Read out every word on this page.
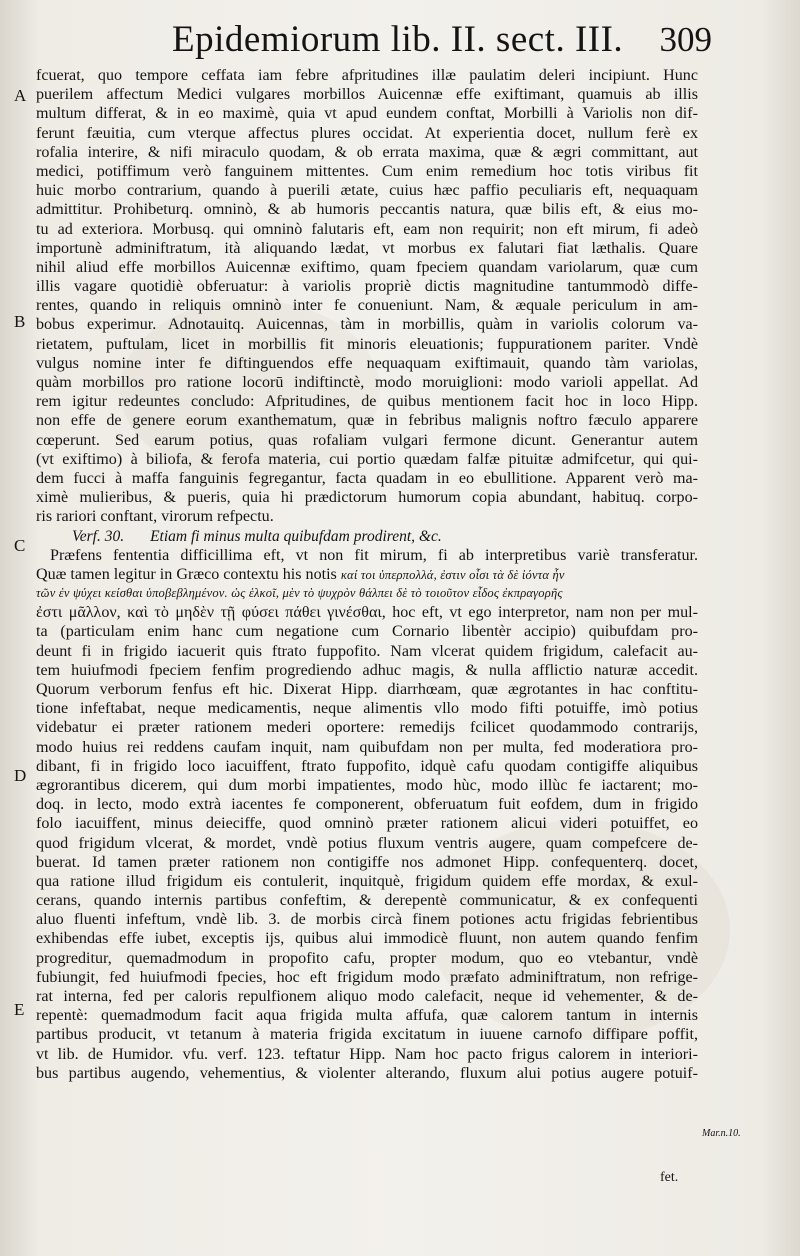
Epidemiorum lib. II. sect. III. 309
A
B
C
D
E
Mar.n.10.
fcuerat, quo tempore ceffata iam febre afpritudines illæ paulatim deleri incipiunt. Hunc
puerilem affectum Medici vulgares morbillos Auicennæ effe exiftimant, quamuis ab illis
multum differat, & in eo maximè, quia vt apud eundem conftat, Morbilli à Variolis non dif-
ferunt fæuitia, cum vterque affectus plures occidat. At experientia docet, nullum ferè ex
rofalia interire, & nifi miraculo quodam, & ob errata maxima, quæ & ægri committant, aut
medici, potiffimum verò fanguinem mittentes. Cum enim remedium hoc totis viribus fit
huic morbo contrarium, quando à puerili ætate, cuius hæc paffio peculiaris eft, nequaquam
admittitur. Prohibeturq. omninò, & ab humoris peccantis natura, quæ bilis eft, & eius mo-
tu ad exteriora. Morbusq. qui omninò falutaris eft, eam non requirit; non eft mirum, fi adeò
importunè adminiftratum, ità aliquando lædat, vt morbus ex falutari fiat læthalis. Quare
nihil aliud effe morbillos Auicennæ exiftimo, quam fpeciem quandam variolarum, quæ cum
illis vagare quotidiè obferuatur: à variolis propriè dictis magnitudine tantummodò diffe-
rentes, quando in reliquis omninò inter fe conueniunt. Nam, & æquale periculum in am-
bobus experimur. Adnotauitq. Auicennas, tàm in morbillis, quàm in variolis colorum va-
rietatem, puftulam, licet in morbillis fit minoris eleuationis; fuppurationem pariter. Vndè
vulgus nomine inter fe diftinguendos effe nequaquam exiftimauit, quando tàm variolas,
quàm morbillos pro ratione locorū indiftinctè, modo moruiglioni: modo varioli appellat. Ad
rem igitur redeuntes concludo: Afpritudines, de quibus mentionem facit hoc in loco Hipp.
non effe de genere eorum exanthematum, quæ in febribus malignis noftro fæculo apparere
cœperunt. Sed earum potius, quas rofaliam vulgari fermone dicunt. Generantur autem
(vt exiftimo) à biliofa, & ferofa materia, cui portio quædam falfæ pituitæ admifcetur, qui qui-
dem fucci à maffa fanguinis fegregantur, facta quadam in eo ebullitione. Apparent verò ma-
ximè mulieribus, & pueris, quia hi prædictorum humorum copia abundant, habituq. corpo-
ris rariori conftant, virorum refpectu.
Verf. 30. Etiam fi minus multa quibufdam prodirent, &c.
Præfens fententia difficillima eft, vt non fit mirum, fi ab interpretibus variè transferatur.
Quæ tamen legitur in Græco contextu his notis καί τοι ὑπερπολλά, ἐστιν οἶσι τὰ δὲ ἰόντα ἦν
τῶν ἐν ψύχει κείσθαι ὑποβεβλημένον. ὡς ἑλκοῖ, μὲν τὸ ψυχρὸν θάλπει δὲ τὸ τοιοῦτον εἶδος ἐκπραγορῆς
ἐστι μᾶλλον, καὶ τὸ μηδὲν τῇ φύσει πάθει γινέσθαι, hoc eft, vt ego interpretor, nam non per mul-
ta (particulam enim hanc cum negatione cum Cornario libentèr accipio) quibufdam pro-
deunt fi in frigido iacuerit quis ftrato fuppofito. Nam vlcerat quidem frigidum, calefacit au-
tem huiufmodi fpeciem fenfim progrediendo adhuc magis, & nulla afflictio naturæ accedit.
Quorum verborum fenfus eft hic. Dixerat Hipp. diarrhœam, quæ ægrotantes in hac conftitu-
tione infeftabat, neque medicamentis, neque alimentis vllo modo fifti potuiffe, imò potius
videbatur ei præter rationem mederi oportere: remedijs fcilicet quodammodo contrarijs,
modo huius rei reddens caufam inquit, nam quibufdam non per multa, fed moderatiora pro-
dibant, fi in frigido loco iacuiffent, ftrato fuppofito, idquè cafu quodam contigiffe aliquibus
ægrorantibus dicerem, qui dum morbi impatientes, modo hùc, modo illùc fe iactarent; mo-
doq. in lecto, modo extrà iacentes fe componerent, obferuatum fuit eofdem, dum in frigido
folo iacuiffent, minus deieciffe, quod omninò præter rationem alicui videri potuiffet, eo
quod frigidum vlcerat, & mordet, vndè potius fluxum ventris augere, quam compefcere de-
buerat. Id tamen præter rationem non contigiffe nos admonet Hipp. confequenterq. docet,
qua ratione illud frigidum eis contulerit, inquitquè, frigidum quidem effe mordax, & exul-
cerans, quando internis partibus confeftim, & derepentè communicatur, & ex confequenti
aluo fluenti infeftum, vndè lib. 3. de morbis circà finem potiones actu frigidas febrientibus
exhibendas effe iubet, exceptis ijs, quibus alui immodicè fluunt, non autem quando fenfim
progreditur, quemadmodum in propofito cafu, propter modum, quo eo vtebantur, vndè
fubiungit, fed huiufmodi fpecies, hoc eft frigidum modo præfato adminiftratum, non refrige-
rat interna, fed per caloris repulfionem aliquo modo calefacit, neque id vehementer, & de-
repentè: quemadmodum facit aqua frigida multa affufa, quæ calorem tantum in internis
partibus producit, vt tetanum à materia frigida excitatum in iuuene carnofo diffipare poffit,
vt lib. de Humidor. vfu. verf. 123. teftatur Hipp. Nam hoc pacto frigus calorem in interiori-
bus partibus augendo, vehementius, & violenter alterando, fluxum alui potius augere potuif-
fet.
